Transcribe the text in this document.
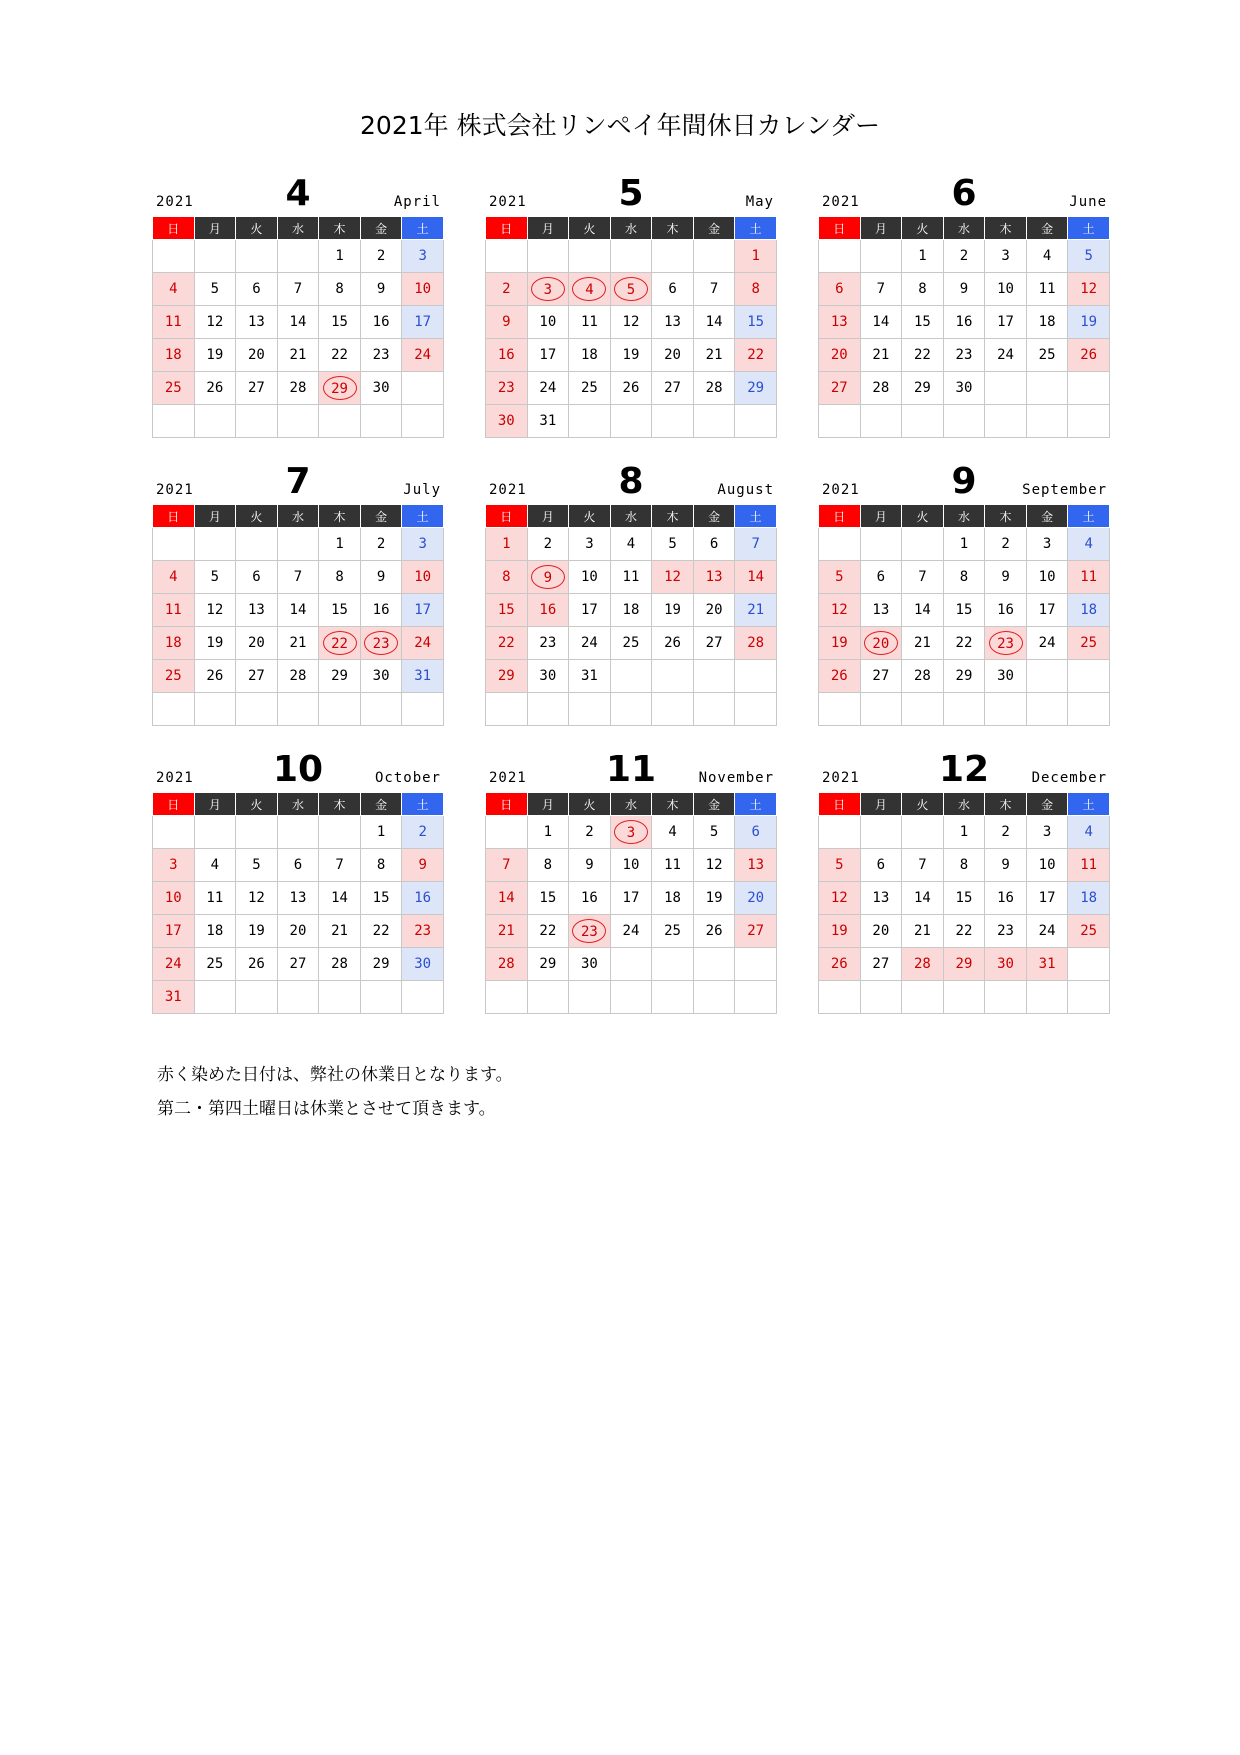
2021年 株式会社リンペイ年間休日カレンダー
2021	4	April
日	月	火	水	木	金	土
				1	2	3
4	5	6	7	8	9	10
11	12	13	14	15	16	17
18	19	20	21	22	23	24
25	26	27	28	29	30	

2021	5	May
日	月	火	水	木	金	土
						1
2	3	4	5	6	7	8
9	10	11	12	13	14	15
16	17	18	19	20	21	22
23	24	25	26	27	28	29
30	31					
2021	6	June
日	月	火	水	木	金	土
		1	2	3	4	5
6	7	8	9	10	11	12
13	14	15	16	17	18	19
20	21	22	23	24	25	26
27	28	29	30			

2021	7	July
日	月	火	水	木	金	土
				1	2	3
4	5	6	7	8	9	10
11	12	13	14	15	16	17
18	19	20	21	22	23	24
25	26	27	28	29	30	31

2021	8	August
日	月	火	水	木	金	土
1	2	3	4	5	6	7
8	9	10	11	12	13	14
15	16	17	18	19	20	21
22	23	24	25	26	27	28
29	30	31				

2021	9	September
日	月	火	水	木	金	土
			1	2	3	4
5	6	7	8	9	10	11
12	13	14	15	16	17	18
19	20	21	22	23	24	25
26	27	28	29	30		

2021	10	October
日	月	火	水	木	金	土
					1	2
3	4	5	6	7	8	9
10	11	12	13	14	15	16
17	18	19	20	21	22	23
24	25	26	27	28	29	30
31						
2021	11	November
日	月	火	水	木	金	土
	1	2	3	4	5	6
7	8	9	10	11	12	13
14	15	16	17	18	19	20
21	22	23	24	25	26	27
28	29	30				

2021	12	December
日	月	火	水	木	金	土
			1	2	3	4
5	6	7	8	9	10	11
12	13	14	15	16	17	18
19	20	21	22	23	24	25
26	27	28	29	30	31	

赤く染めた日付は、弊社の休業日となります。
第二・第四土曜日は休業とさせて頂きます。
